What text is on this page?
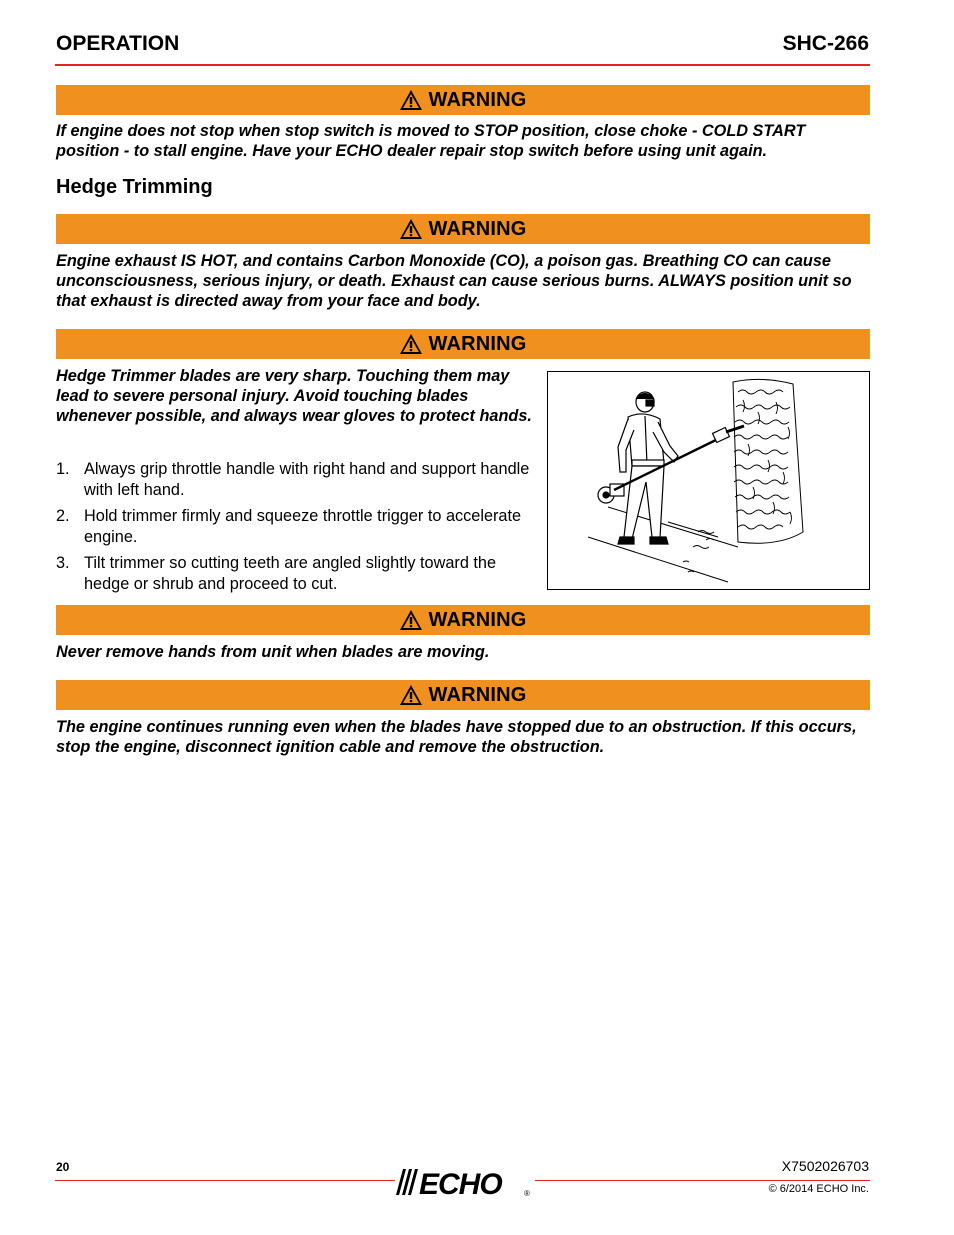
OPERATION	SHC-266
WARNING

If engine does not stop when stop switch is moved to STOP position, close choke - COLD START position - to stall engine. Have your ECHO dealer repair stop switch before using unit again.

Hedge Trimming
WARNING

Engine exhaust IS HOT, and contains Carbon Monoxide (CO), a poison gas. Breathing CO can cause unconsciousness, serious injury, or death. Exhaust can cause serious burns. ALWAYS position unit so that exhaust is directed away from your face and body.

WARNING

Hedge Trimmer blades are very sharp. Touching them may lead to severe personal injury. Avoid touching blades whenever possible, and always wear gloves to protect hands.

1. Always grip throttle handle with right hand and support handle with left hand.
2. Hold trimmer firmly and squeeze throttle trigger to accelerate engine.
3. Tilt trimmer so cutting teeth are angled slightly toward the hedge or shrub and proceed to cut.
WARNING

Never remove hands from unit when blades are moving.

WARNING

The engine continues running even when the blades have stopped due to an obstruction. If this occurs, stop the engine, disconnect ignition cable and remove the obstruction.

20	X7502026703
ECHO	®	© 6/2014 ECHO Inc.
